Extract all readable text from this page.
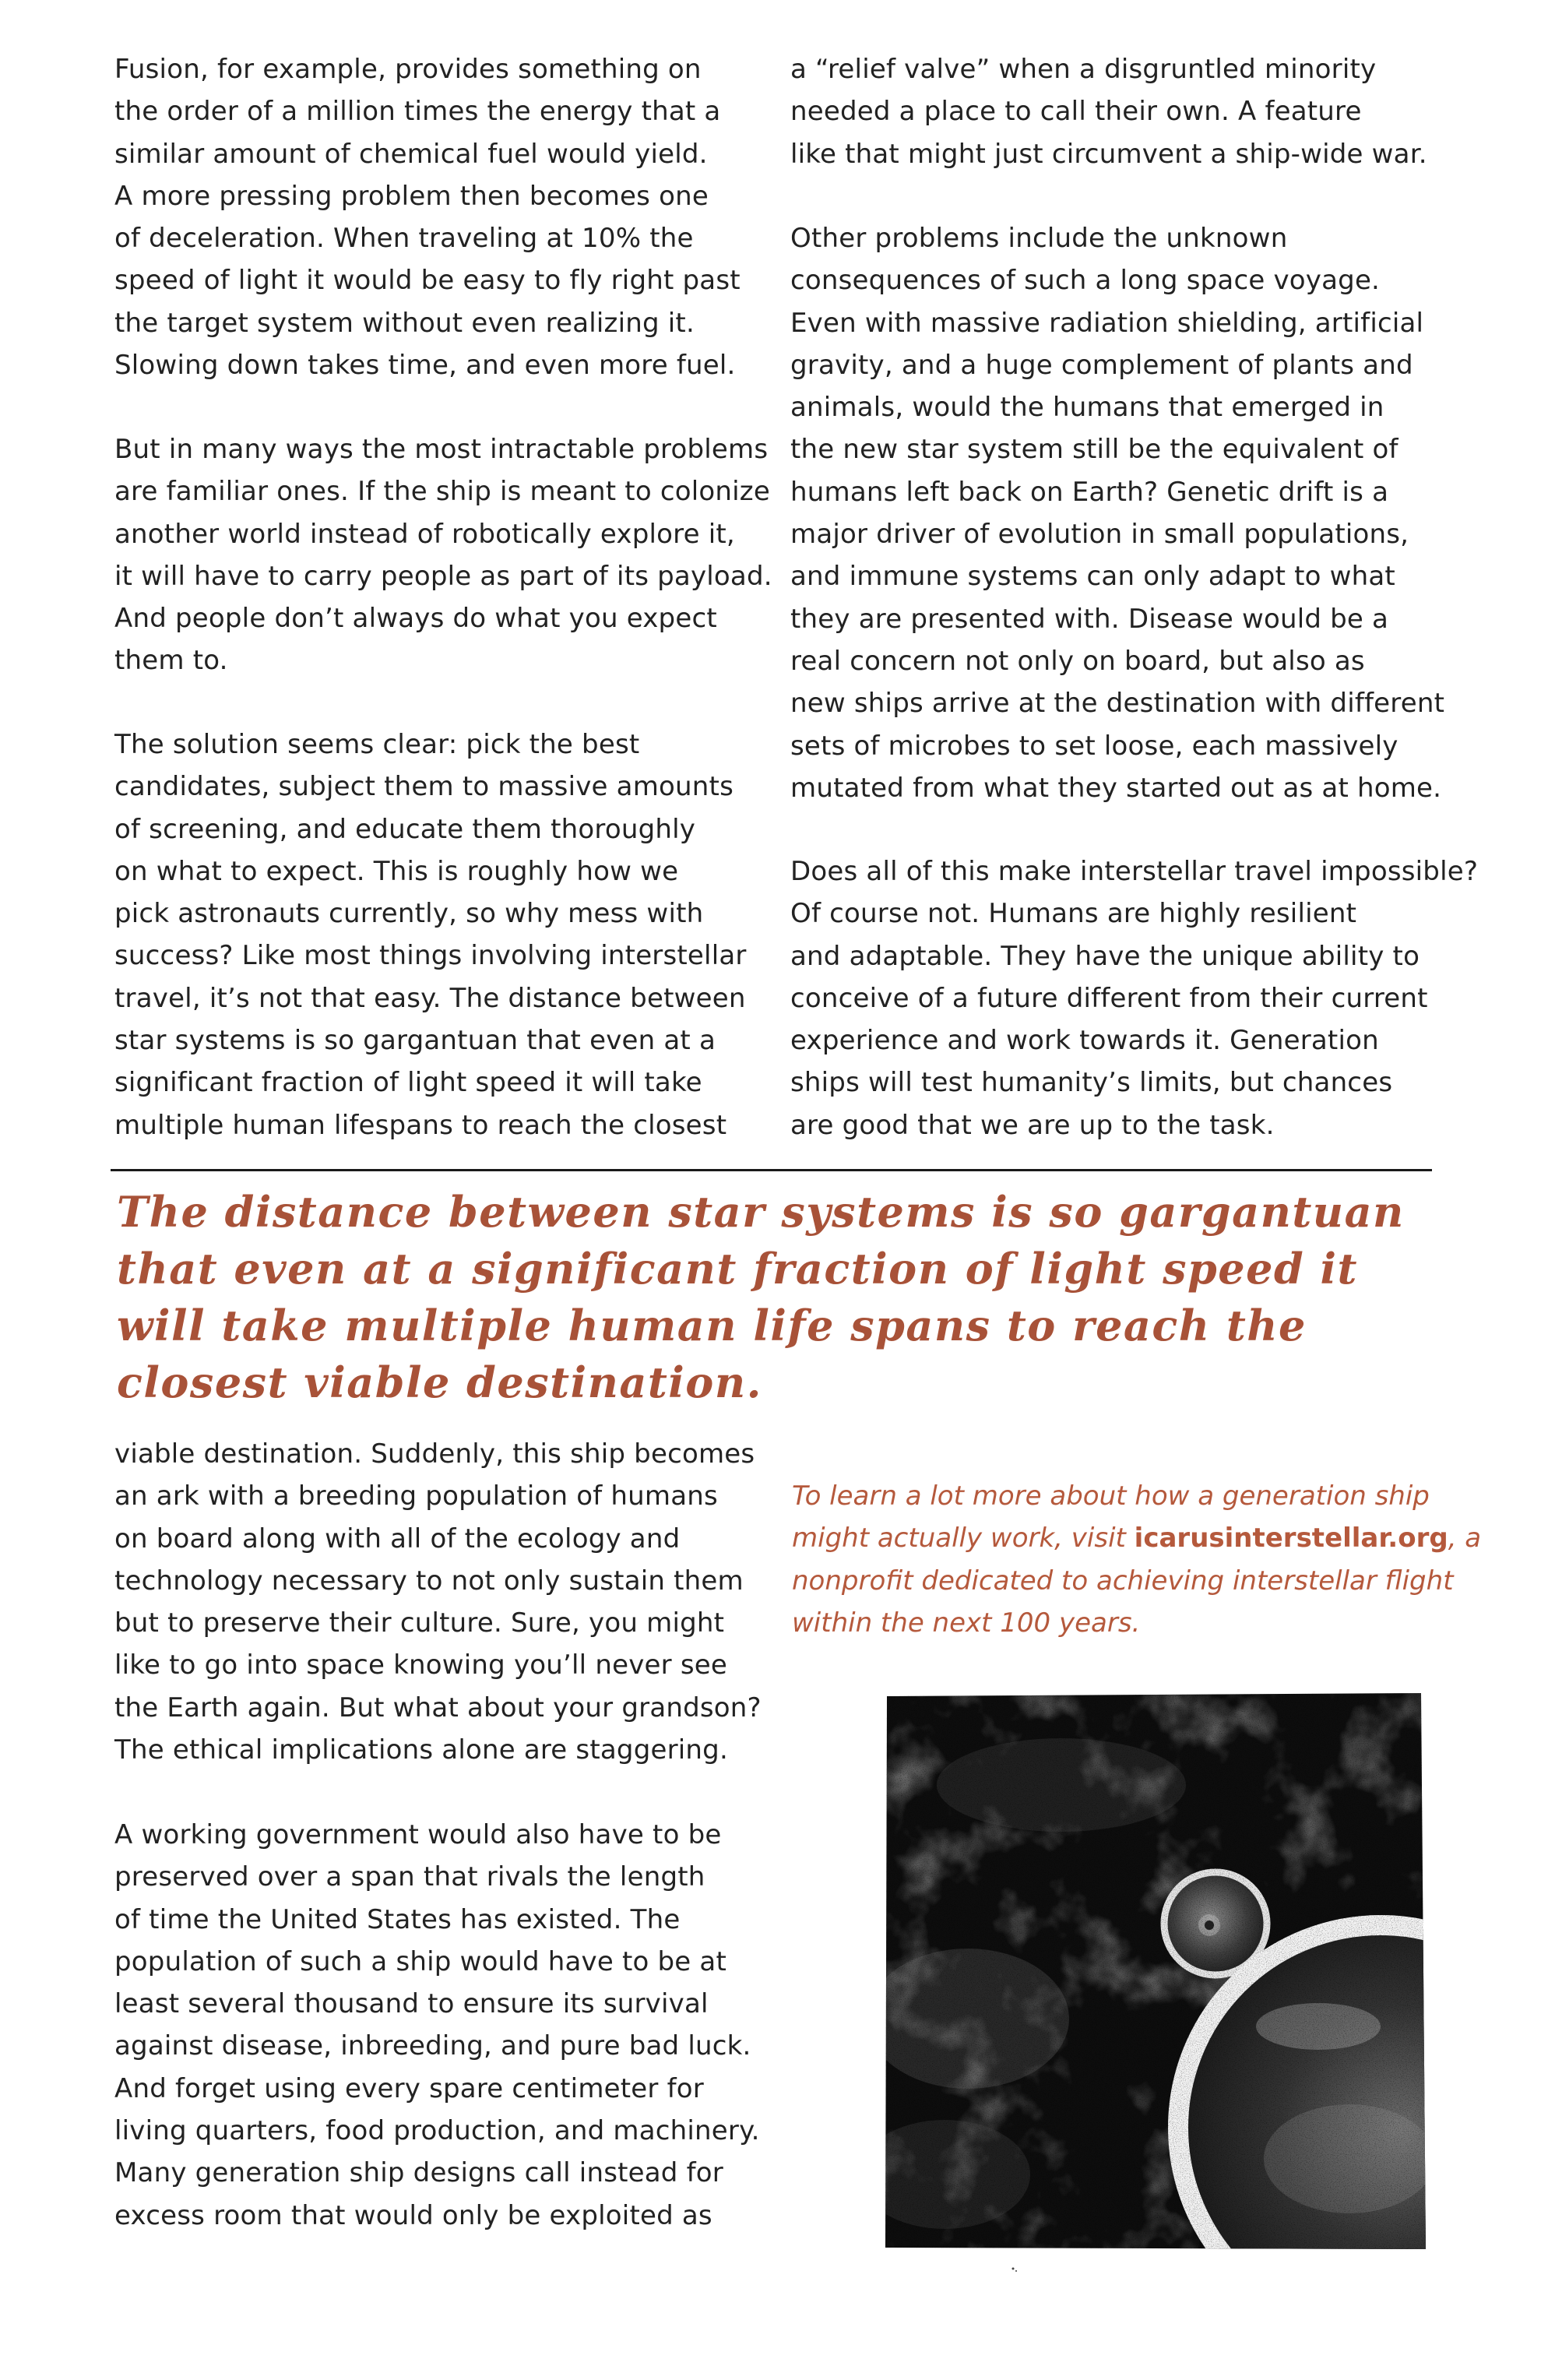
Fusion, for example, provides something on
the order of a million times the energy that a
similar amount of chemical fuel would yield.
A more pressing problem then becomes one
of deceleration. When traveling at 10% the
speed of light it would be easy to fly right past
the target system without even realizing it.
Slowing down takes time, and even more fuel.

But in many ways the most intractable problems
are familiar ones. If the ship is meant to colonize
another world instead of robotically explore it,
it will have to carry people as part of its payload.
And people don’t always do what you expect
them to.

The solution seems clear: pick the best
candidates, subject them to massive amounts
of screening, and educate them thoroughly
on what to expect. This is roughly how we
pick astronauts currently, so why mess with
success? Like most things involving interstellar
travel, it’s not that easy. The distance between
star systems is so gargantuan that even at a
significant fraction of light speed it will take
multiple human lifespans to reach the closest

a “relief valve” when a disgruntled minority
needed a place to call their own. A feature
like that might just circumvent a ship-wide war.

Other problems include the unknown
consequences of such a long space voyage.
Even with massive radiation shielding, artificial
gravity, and a huge complement of plants and
animals, would the humans that emerged in
the new star system still be the equivalent of
humans left back on Earth? Genetic drift is a
major driver of evolution in small populations,
and immune systems can only adapt to what
they are presented with. Disease would be a
real concern not only on board, but also as
new ships arrive at the destination with different
sets of microbes to set loose, each massively
mutated from what they started out as at home.

Does all of this make interstellar travel impossible?
Of course not. Humans are highly resilient
and adaptable. They have the unique ability to
conceive of a future different from their current
experience and work towards it. Generation
ships will test humanity’s limits, but chances
are good that we are up to the task.

The distance between star systems is so gargantuan
that even at a significant fraction of light speed it
will take multiple human life spans to reach the
closest viable destination.

viable destination. Suddenly, this ship becomes
an ark with a breeding population of humans
on board along with all of the ecology and
technology necessary to not only sustain them
but to preserve their culture. Sure, you might
like to go into space knowing you’ll never see
the Earth again. But what about your grandson?
The ethical implications alone are staggering.

A working government would also have to be
preserved over a span that rivals the length
of time the United States has existed. The
population of such a ship would have to be at
least several thousand to ensure its survival
against disease, inbreeding, and pure bad luck.
And forget using every spare centimeter for
living quarters, food production, and machinery.
Many generation ship designs call instead for
excess room that would only be exploited as

To learn a lot more about how a generation ship
might actually work, visit icarusinterstellar.org, a
nonprofit dedicated to achieving interstellar flight
within the next 100 years.
